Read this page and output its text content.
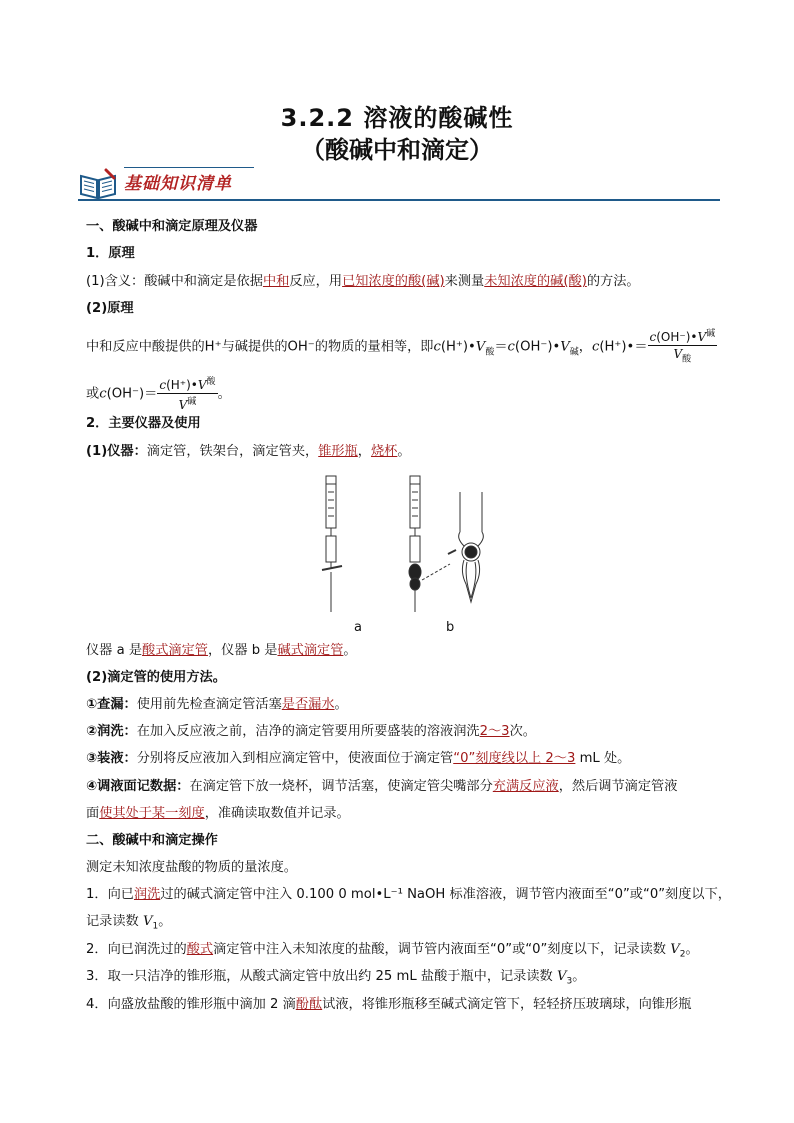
3.2.2 溶液的酸碱性
（酸碱中和滴定）
基础知识清单
一、酸碱中和滴定原理及仪器
1．原理
(1)含义：酸碱中和滴定是依据中和反应，用已知浓度的酸(碱)来测量未知浓度的碱(酸)的方法。
(2)原理
中和反应中酸提供的H⁺与碱提供的OH⁻的物质的量相等，即$c(H^+)•V_酸=c(OH^-)•V_碱$，c(H⁺)•＝ $\frac{c(OH^-)•V^碱}{V_酸}$
或$c(OH^-)= \frac{c(H^+)•V^酸}{V^碱}$ 。
2．主要仪器及使用
(1)仪器：滴定管，铁架台，滴定管夹，锥形瓶，烧杯。
a	b
仪器 a 是酸式滴定管，仪器 b 是碱式滴定管。
(2)滴定管的使用方法。
①查漏：使用前先检查滴定管活塞是否漏水。
②润洗：在加入反应液之前，洁净的滴定管要用所要盛装的溶液润洗2～3次。
③装液：分别将反应液加入到相应滴定管中，使液面位于滴定管“0”刻度线以上 2～3 mL 处。
④调液面记数据：在滴定管下放一烧杯，调节活塞，使滴定管尖嘴部分充满反应液，然后调节滴定管液
面使其处于某一刻度，准确读取数值并记录。
二、酸碱中和滴定操作
测定未知浓度盐酸的物质的量浓度。
1．向已润洗过的碱式滴定管中注入 0.100 0 mol•L⁻¹ NaOH 标准溶液，调节管内液面至“0”或“0”刻度以下，
记录读数 $V_1$。
2．向已润洗过的酸式滴定管中注入未知浓度的盐酸，调节管内液面至“0”或“0”刻度以下，记录读数 $V_2$。
3．取一只洁净的锥形瓶，从酸式滴定管中放出约 25 mL 盐酸于瓶中，记录读数 $V_3$。
4．向盛放盐酸的锥形瓶中滴加 2 滴酚酞试液，将锥形瓶移至碱式滴定管下，轻轻挤压玻璃球，向锥形瓶
